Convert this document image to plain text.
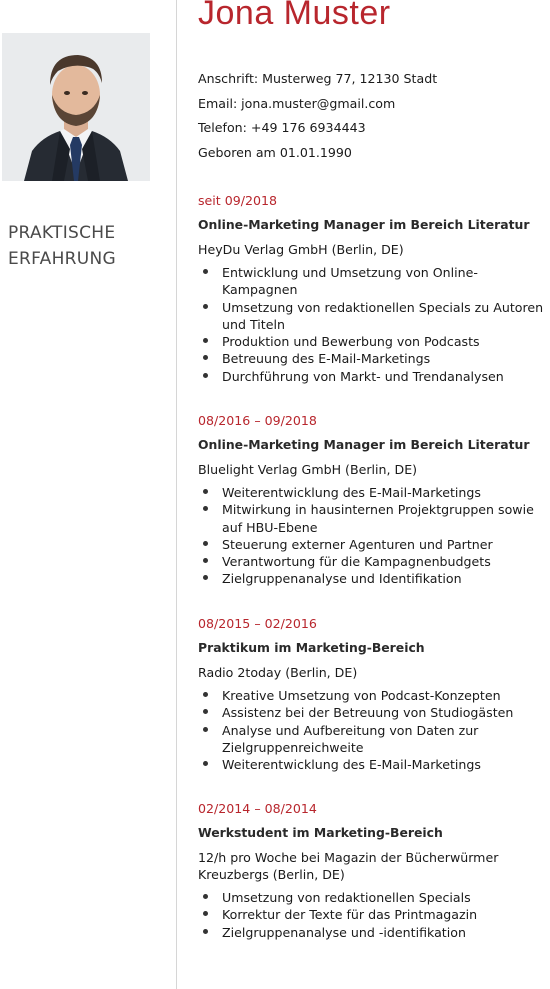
PRAKTISCHE ERFAHRUNG
Jona Muster
Anschrift: Musterweg 77, 12130 Stadt
Email: jona.muster@gmail.com
Telefon: +49 176 6934443
Geboren am 01.01.1990
seit 09/2018
Online-Marketing Manager im Bereich Literatur
HeyDu Verlag GmbH (Berlin, DE)
Entwicklung und Umsetzung von Online-Kampagnen
Umsetzung von redaktionellen Specials zu Autoren und Titeln
Produktion und Bewerbung von Podcasts
Betreuung des E-Mail-Marketings
Durchführung von Markt- und Trendanalysen
08/2016 – 09/2018
Online-Marketing Manager im Bereich Literatur
Bluelight Verlag GmbH (Berlin, DE)
Weiterentwicklung des E-Mail-Marketings
Mitwirkung in hausinternen Projektgruppen sowie auf HBU-Ebene
Steuerung externer Agenturen und Partner
Verantwortung für die Kampagnenbudgets
Zielgruppenanalyse und Identifikation
08/2015 – 02/2016
Praktikum im Marketing-Bereich
Radio 2today (Berlin, DE)
Kreative Umsetzung von Podcast-Konzepten
Assistenz bei der Betreuung von Studiogästen
Analyse und Aufbereitung von Daten zur Zielgruppenreichweite
Weiterentwicklung des E-Mail-Marketings
02/2014 – 08/2014
Werkstudent im Marketing-Bereich
12/h pro Woche bei Magazin der Bücherwürmer Kreuzbergs (Berlin, DE)
Umsetzung von redaktionellen Specials
Korrektur der Texte für das Printmagazin
Zielgruppenanalyse und -identifikation
